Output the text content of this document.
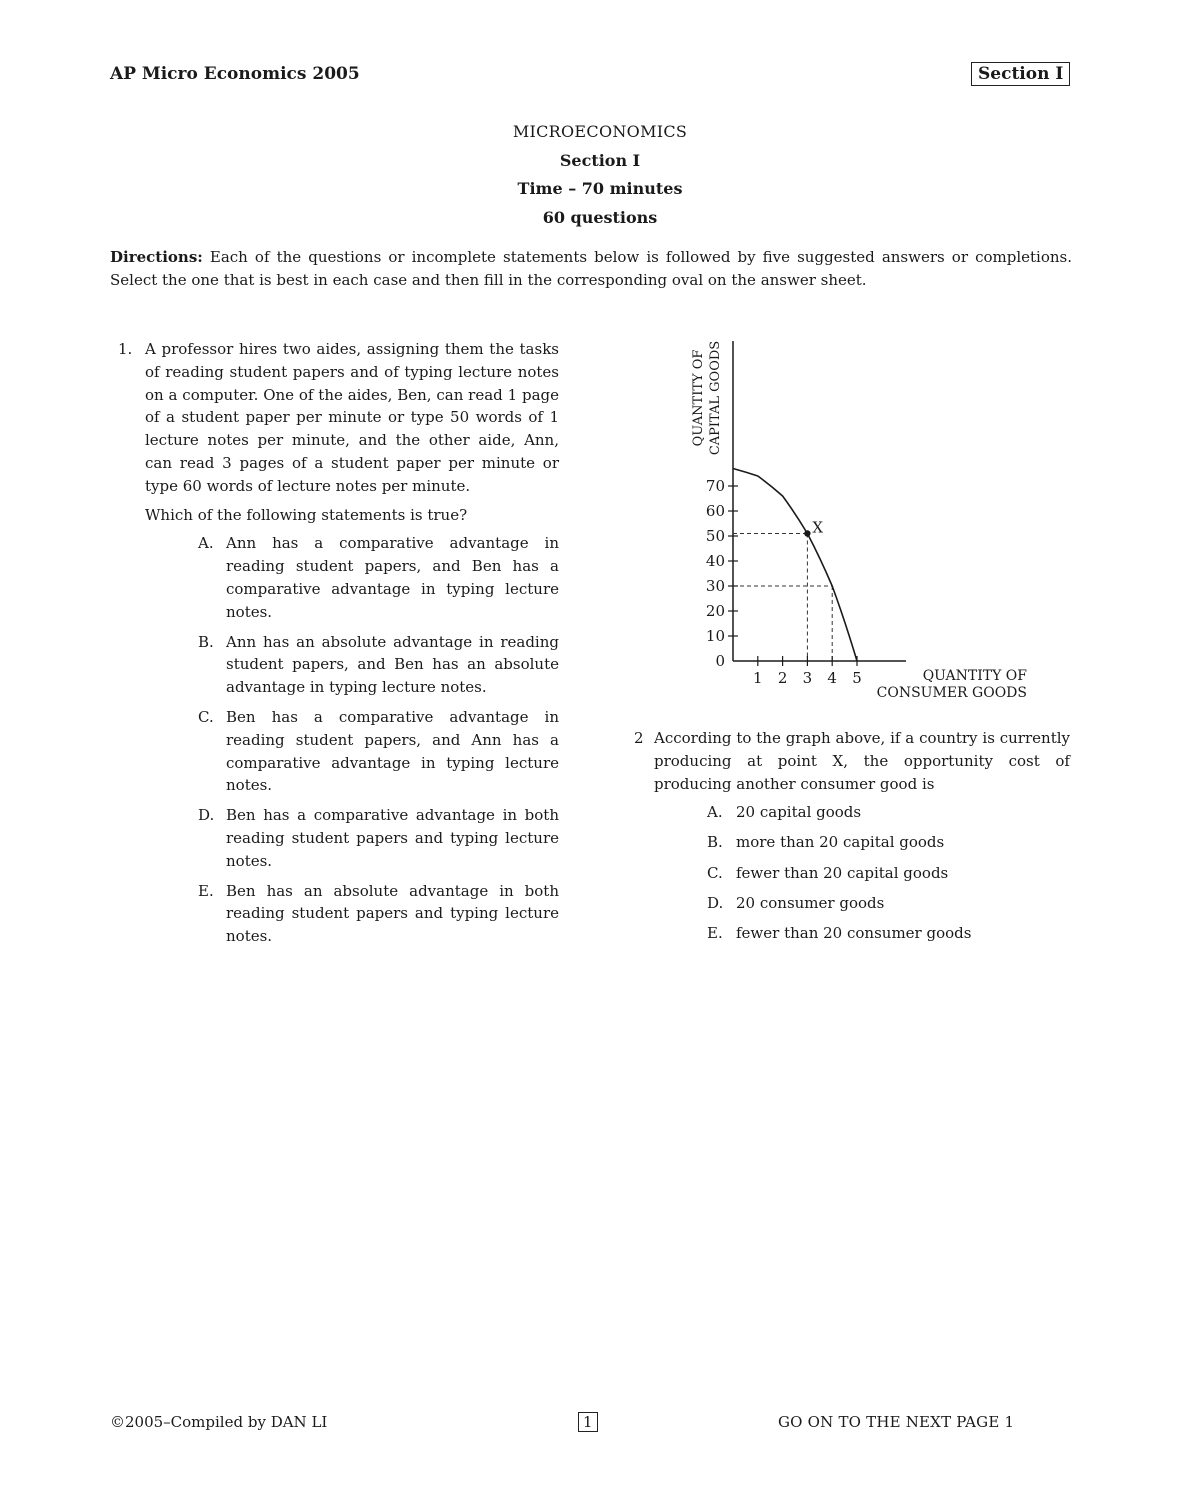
AP Micro Economics 2005	Section I
MICROECONOMICS
Section I
Time – 70 minutes
60 questions
Directions: Each of the questions or incomplete statements below is followed by five suggested answers or completions. Select the one that is best in each case and then fill in the corresponding oval on the answer sheet.
1. A professor hires two aides, assigning them the tasks of reading student papers and of typing lecture notes on a computer. One of the aides, Ben, can read 1 page of a student paper per minute or type 50 words of 1 lecture notes per minute, and the other aide, Ann, can read 3 pages of a student paper per minute or type 60 words of lecture notes per minute.
Which of the following statements is true?
A. Ann has a comparative advantage in reading student papers, and Ben has a comparative advantage in typing lecture notes.
B. Ann has an absolute advantage in reading student papers, and Ben has an absolute advantage in typing lecture notes.
C. Ben has a comparative advantage in reading student papers, and Ann has a comparative advantage in typing lecture notes.
D. Ben has a comparative advantage in both reading student papers and typing lecture notes.
E. Ben has an absolute advantage in both reading student papers and typing lecture notes.
QUANTITY OF CAPITAL GOODS
0
10
20
30
40
50
60
70
1 2 3 4 5
X
QUANTITY OF
CONSUMER GOODS
2 According to the graph above, if a country is currently producing at point X, the opportunity cost of producing another consumer good is
A. 20 capital goods
B. more than 20 capital goods
C. fewer than 20 capital goods
D. 20 consumer goods
E. fewer than 20 consumer goods
©2005–Compiled by DAN LI	1	GO ON TO THE NEXT PAGE 1
